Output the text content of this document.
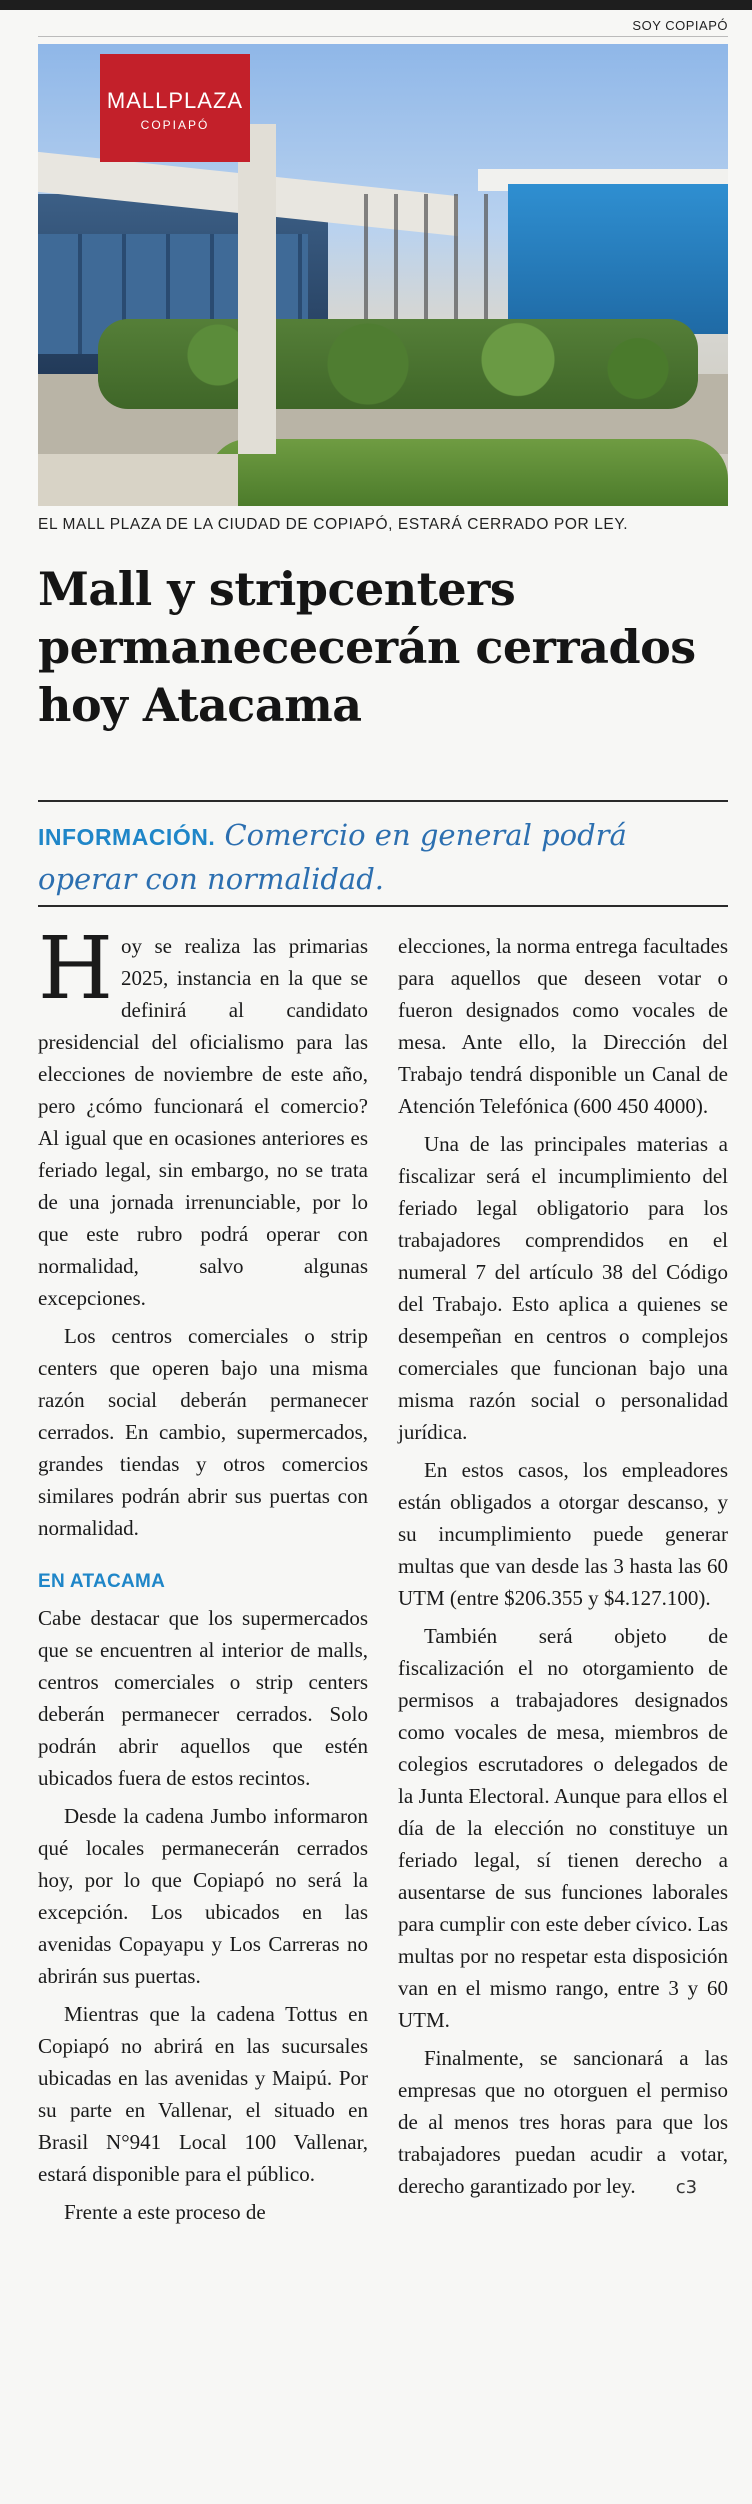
SOY COPIAPÓ
MALLPLAZA
COPIAPÓ
EL MALL PLAZA DE LA CIUDAD DE COPIAPÓ, ESTARÁ CERRADO POR LEY.
Mall y stripcenters permanececerán cerrados hoy Atacama
INFORMACIÓN. Comercio en general podrá operar con normalidad.

Hoy se realiza las primarias 2025, instancia en la que se definirá al candidato presidencial del oficialismo para las elecciones de noviembre de este año, pero ¿cómo funcionará el comercio? Al igual que en ocasiones anteriores es feriado legal, sin embargo, no se trata de una jornada irrenunciable, por lo que este rubro podrá operar con normalidad, salvo algunas excepciones.

Los centros comerciales o strip centers que operen bajo una misma razón social deberán permanecer cerrados. En cambio, supermercados, grandes tiendas y otros comercios similares podrán abrir sus puertas con normalidad.

EN ATACAMA

Cabe destacar que los supermercados que se encuentren al interior de malls, centros comerciales o strip centers deberán permanecer cerrados. Solo podrán abrir aquellos que estén ubicados fuera de estos recintos.

Desde la cadena Jumbo informaron qué locales permanecerán cerrados hoy, por lo que Copiapó no será la excepción. Los ubicados en las avenidas Copayapu y Los Carreras no abrirán sus puertas.

Mientras que la cadena Tottus en Copiapó no abrirá en las sucursales ubicadas en las avenidas y Maipú. Por su parte en Vallenar, el situado en Brasil N°941 Local 100 Vallenar, estará disponible para el público.

Frente a este proceso de

elecciones, la norma entrega facultades para aquellos que deseen votar o fueron designados como vocales de mesa. Ante ello, la Dirección del Trabajo tendrá disponible un Canal de Atención Telefónica (600 450 4000).

Una de las principales materias a fiscalizar será el incumplimiento del feriado legal obligatorio para los trabajadores comprendidos en el numeral 7 del artículo 38 del Código del Trabajo. Esto aplica a quienes se desempeñan en centros o complejos comerciales que funcionan bajo una misma razón social o personalidad jurídica.

En estos casos, los empleadores están obligados a otorgar descanso, y su incumplimiento puede generar multas que van desde las 3 hasta las 60 UTM (entre $206.355 y $4.127.100).

También será objeto de fiscalización el no otorgamiento de permisos a trabajadores designados como vocales de mesa, miembros de colegios escrutadores o delegados de la Junta Electoral. Aunque para ellos el día de la elección no constituye un feriado legal, sí tienen derecho a ausentarse de sus funciones laborales para cumplir con este deber cívico. Las multas por no respetar esta disposición van en el mismo rango, entre 3 y 60 UTM.

Finalmente, se sancionará a las empresas que no otorguen el permiso de al menos tres horas para que los trabajadores puedan acudir a votar, derecho garantizado por ley. ᴄ3
